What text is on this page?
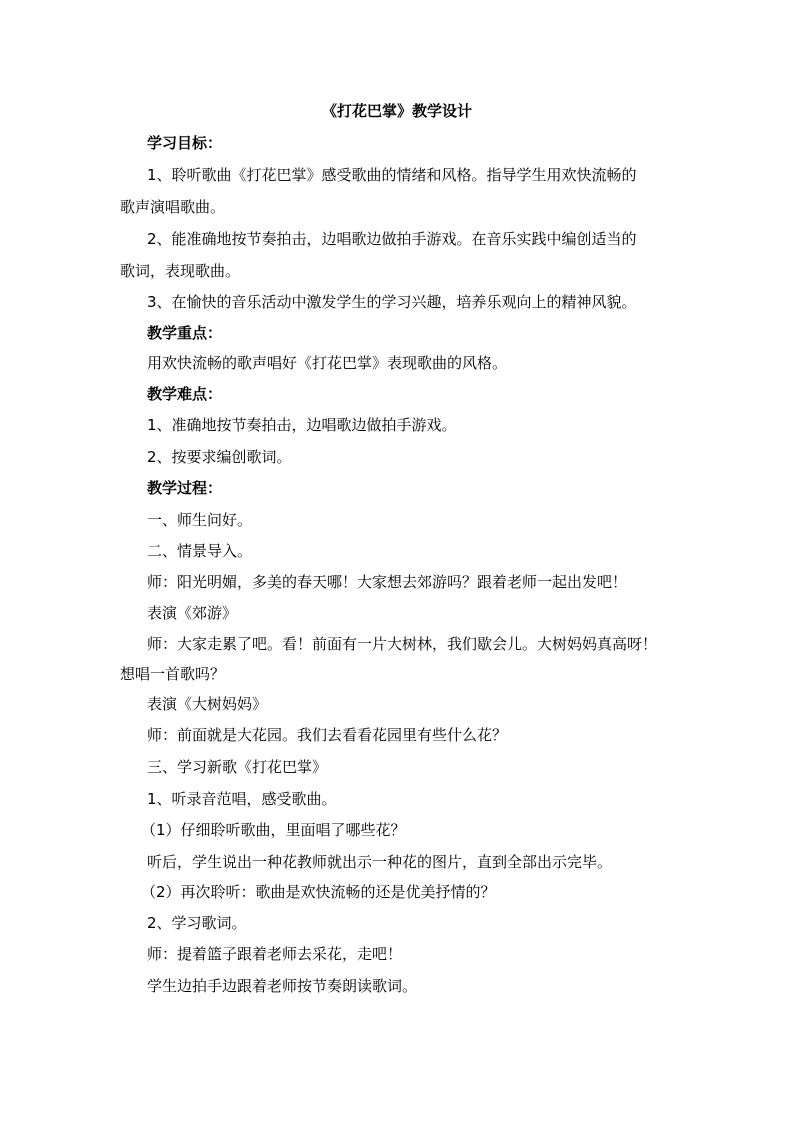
《打花巴掌》教学设计
学习目标：
1、聆听歌曲《打花巴掌》感受歌曲的情绪和风格。指导学生用欢快流畅的
歌声演唱歌曲。
2、能准确地按节奏拍击，边唱歌边做拍手游戏。在音乐实践中编创适当的
歌词，表现歌曲。
3、在愉快的音乐活动中激发学生的学习兴趣，培养乐观向上的精神风貌。
教学重点：
用欢快流畅的歌声唱好《打花巴掌》表现歌曲的风格。
教学难点：
1、准确地按节奏拍击，边唱歌边做拍手游戏。
2、按要求编创歌词。
教学过程：
一、师生问好。
二、情景导入。
师：阳光明媚，多美的春天哪！大家想去郊游吗？跟着老师一起出发吧！
表演《郊游》
师：大家走累了吧。看！前面有一片大树林，我们歇会儿。大树妈妈真高呀！
想唱一首歌吗？
表演《大树妈妈》
师：前面就是大花园。我们去看看花园里有些什么花？
三、学习新歌《打花巴掌》
1、听录音范唱，感受歌曲。
（1）仔细聆听歌曲，里面唱了哪些花？
听后，学生说出一种花教师就出示一种花的图片，直到全部出示完毕。
（2）再次聆听：歌曲是欢快流畅的还是优美抒情的？
2、学习歌词。
师：提着篮子跟着老师去采花，走吧！
学生边拍手边跟着老师按节奏朗读歌词。
